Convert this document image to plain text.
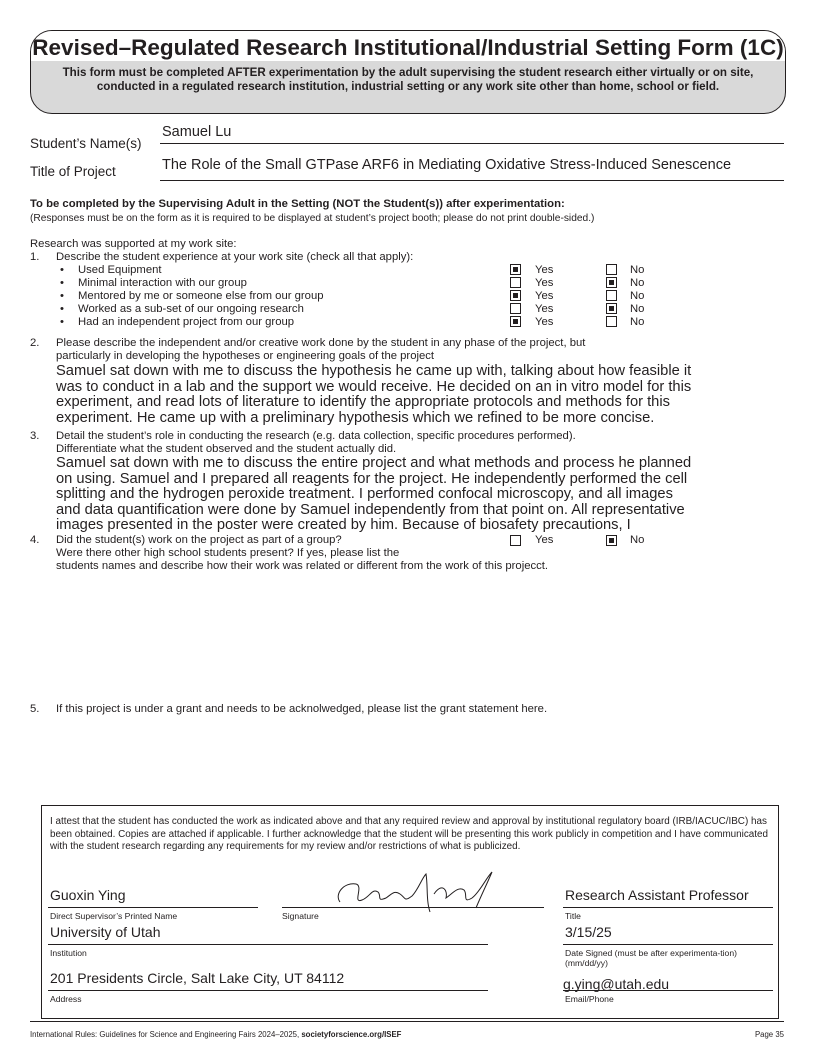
Revised–Regulated Research Institutional/Industrial Setting Form (1C)
This form must be completed AFTER experimentation by the adult supervising the student research either virtually or on site, conducted in a regulated research institution, industrial setting or any work site other than home, school or field.
Student’s Name(s)
Samuel Lu
Title of Project	The Role of the Small GTPase ARF6 in Mediating Oxidative Stress-Induced Senescence
To be completed by the Supervising Adult in the Setting (NOT the Student(s)) after experimentation:
(Responses must be on the form as it is required to be displayed at student’s project booth; please do not print double-sided.)
Research was supported at my work site:
1. Describe the student experience at your work site (check all that apply):
• Used Equipment	Yes	No
• Minimal interaction with our group	Yes	No
• Mentored by me or someone else from our group	Yes	No
• Worked as a sub-set of our ongoing research	Yes	No
• Had an independent project from our group	Yes	No
2. Please describe the independent and/or creative work done by the student in any phase of the project, but
particularly in developing the hypotheses or engineering goals of the project
Samuel sat down with me to discuss the hypothesis he came up with, talking about how feasible it
was to conduct in a lab and the support we would receive. He decided on an in vitro model for this
experiment, and read lots of literature to identify the appropriate protocols and methods for this
experiment. He came up with a preliminary hypothesis which we refined to be more concise.
3. Detail the student’s role in conducting the research (e.g. data collection, specific procedures performed).
Differentiate what the student observed and the student actually did.
Samuel sat down with me to discuss the entire project and what methods and process he planned
on using. Samuel and I prepared all reagents for the project. He independently performed the cell
splitting and the hydrogen peroxide treatment. I performed confocal microscopy, and all images
and data quantification were done by Samuel independently from that point on. All representative
images presented in the poster were created by him. Because of biosafety precautions, I
4. Did the student(s) work on the project as part of a group?	Yes	No
Were there other high school students present? If yes, please list the
students names and describe how their work was related or different from the work of this projecct.
5. If this project is under a grant and needs to be acknolwedged, please list the grant statement here.
I attest that the student has conducted the work as indicated above and that any required review and approval by institutional regulatory board (IRB/IACUC/IBC) has been obtained. Copies are attached if applicable. I further acknowledge that the student will be presenting this work publicly in competition and I have communicated with the student research regarding any requirements for my review and/or restrictions of what is publicized.
Guoxin Ying
Direct Supervisor’s Printed Name	Signature
Research Assistant Professor
Title
University of Utah
Institution
3/15/25
Date Signed (must be after experimenta-tion) (mm/dd/yy)
201 Presidents Circle, Salt Lake City, UT 84112
Address
g.ying@utah.edu
Email/Phone
International Rules: Guidelines for Science and Engineering Fairs 2024–2025, societyforscience.org/ISEF	Page 35
